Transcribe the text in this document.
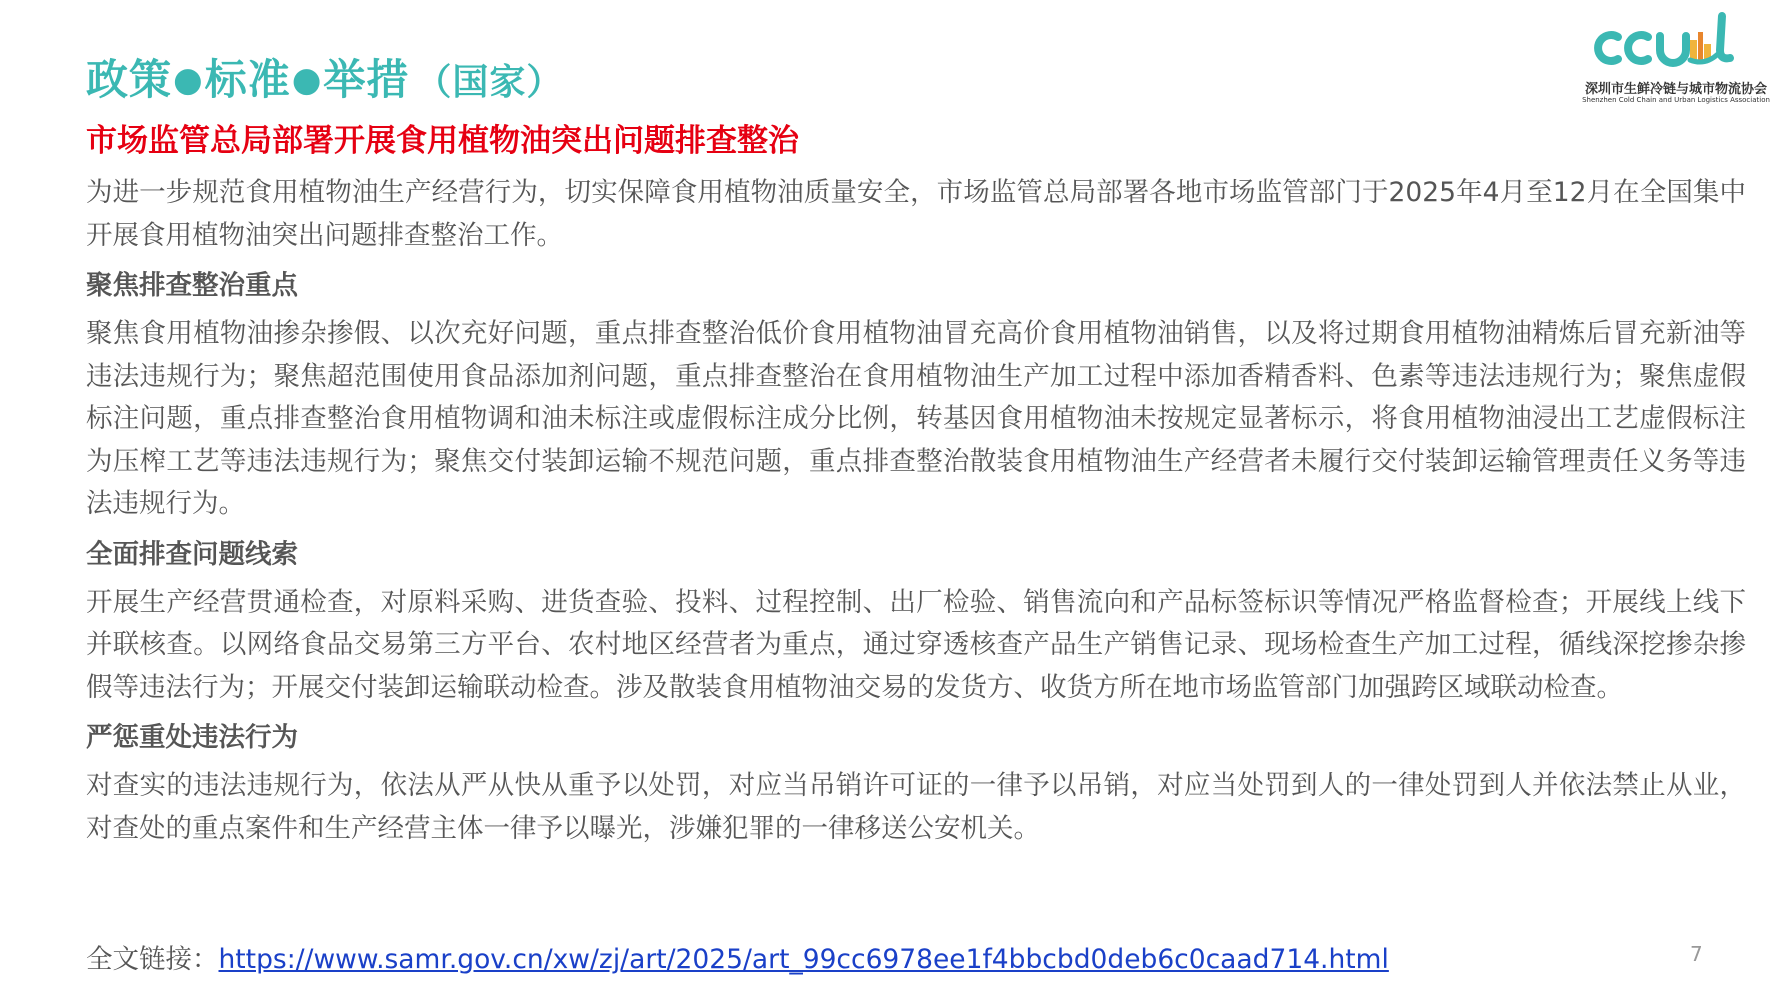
政策●标准●举措 （国家）	深圳市生鲜冷链与城市物流协会
Shenzhen Cold Chain and Urban Logistics Association
市场监管总局部署开展食用植物油突出问题排查整治

为进一步规范食用植物油生产经营行为，切实保障食用植物油质量安全，市场监管总局部署各地市场监管部门于2025年4月至12月在全国集中开展食用植物油突出问题排查整治工作。

聚焦排查整治重点

聚焦食用植物油掺杂掺假、以次充好问题，重点排查整治低价食用植物油冒充高价食用植物油销售，以及将过期食用植物油精炼后冒充新油等违法违规行为；聚焦超范围使用食品添加剂问题，重点排查整治在食用植物油生产加工过程中添加香精香料、色素等违法违规行为；聚焦虚假标注问题，重点排查整治食用植物调和油未标注或虚假标注成分比例，转基因食用植物油未按规定显著标示，将食用植物油浸出工艺虚假标注为压榨工艺等违法违规行为；聚焦交付装卸运输不规范问题，重点排查整治散装食用植物油生产经营者未履行交付装卸运输管理责任义务等违法违规行为。

全面排查问题线索

开展生产经营贯通检查，对原料采购、进货查验、投料、过程控制、出厂检验、销售流向和产品标签标识等情况严格监督检查；开展线上线下并联核查。以网络食品交易第三方平台、农村地区经营者为重点，通过穿透核查产品生产销售记录、现场检查生产加工过程，循线深挖掺杂掺假等违法行为；开展交付装卸运输联动检查。涉及散装食用植物油交易的发货方、收货方所在地市场监管部门加强跨区域联动检查。

严惩重处违法行为

对查实的违法违规行为，依法从严从快从重予以处罚，对应当吊销许可证的一律予以吊销，对应当处罚到人的一律处罚到人并依法禁止从业，对查处的重点案件和生产经营主体一律予以曝光，涉嫌犯罪的一律移送公安机关。

全文链接：https://www.samr.gov.cn/xw/zj/art/2025/art_99cc6978ee1f4bbcbd0deb6c0caad714.html	7
